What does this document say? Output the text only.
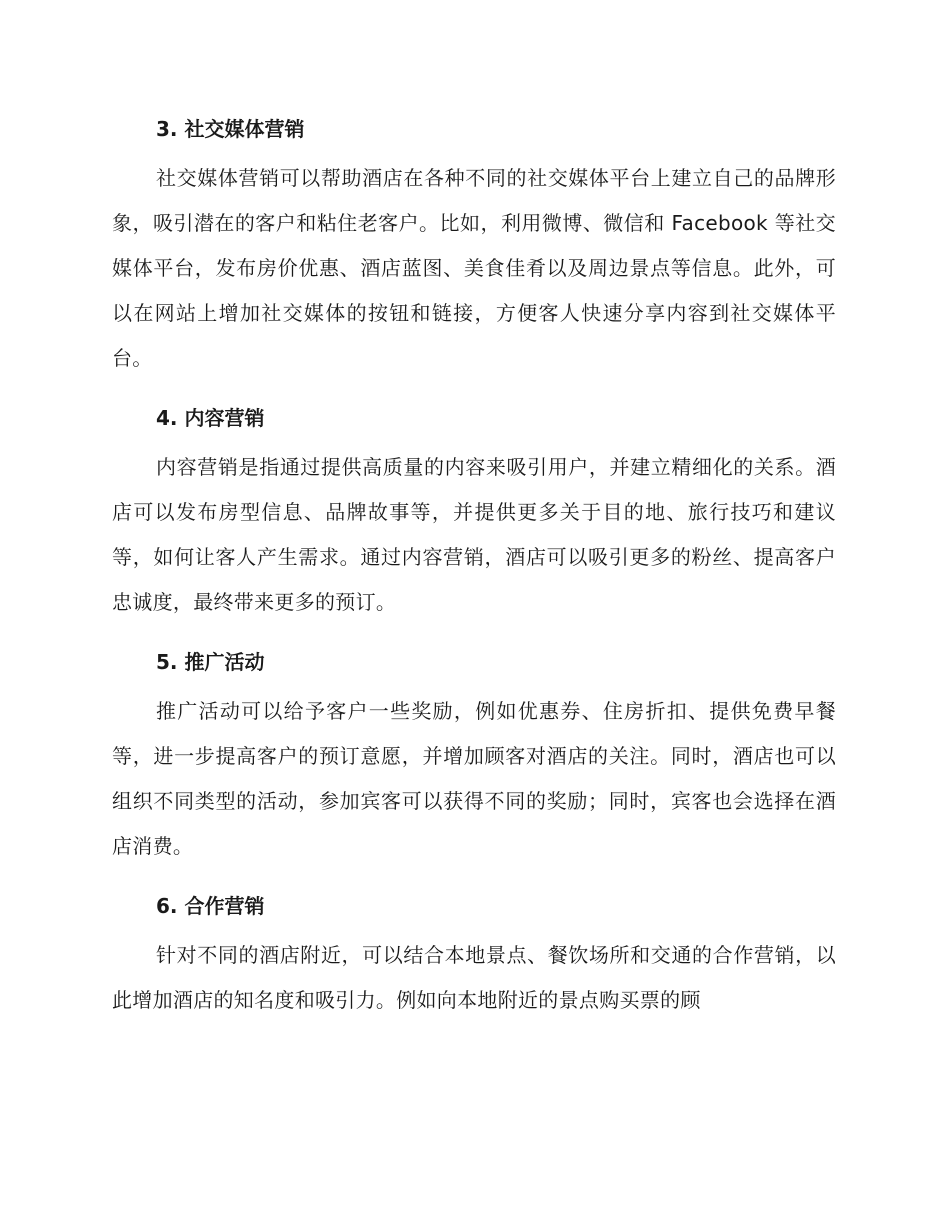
3. 社交媒体营销

社交媒体营销可以帮助酒店在各种不同的社交媒体平台上建立自己的品牌形象，吸引潜在的客户和粘住老客户。比如，利用微博、微信和 Facebook 等社交媒体平台，发布房价优惠、酒店蓝图、美食佳肴以及周边景点等信息。此外，可以在网站上增加社交媒体的按钮和链接，方便客人快速分享内容到社交媒体平台。

4. 内容营销

内容营销是指通过提供高质量的内容来吸引用户，并建立精细化的关系。酒店可以发布房型信息、品牌故事等，并提供更多关于目的地、旅行技巧和建议等，如何让客人产生需求。通过内容营销，酒店可以吸引更多的粉丝、提高客户忠诚度，最终带来更多的预订。

5. 推广活动

推广活动可以给予客户一些奖励，例如优惠券、住房折扣、提供免费早餐等，进一步提高客户的预订意愿，并增加顾客对酒店的关注。同时，酒店也可以组织不同类型的活动，参加宾客可以获得不同的奖励；同时，宾客也会选择在酒店消费。

6. 合作营销

针对不同的酒店附近，可以结合本地景点、餐饮场所和交通的合作营销，以此增加酒店的知名度和吸引力。例如向本地附近的景点购买票的顾
